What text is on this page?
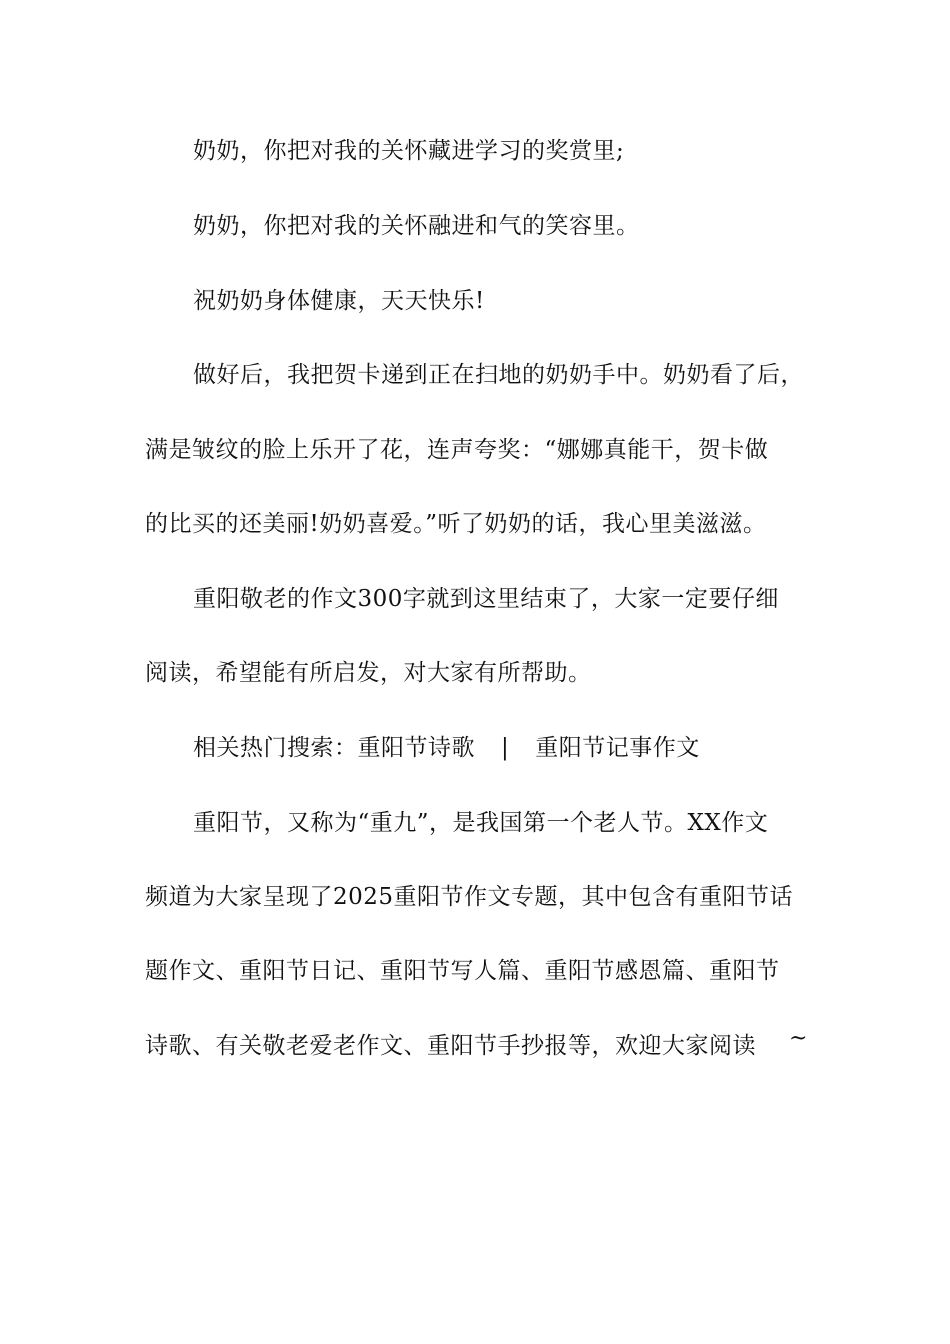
奶奶，你把对我的关怀藏进学习的奖赏里;
奶奶，你把对我的关怀融进和气的笑容里。
祝奶奶身体健康，天天快乐!
做好后，我把贺卡递到正在扫地的奶奶手中。奶奶看了后，
满是皱纹的脸上乐开了花，连声夸奖：“娜娜真能干，贺卡做
的比买的还美丽!奶奶喜爱。”听了奶奶的话，我心里美滋滋。
重阳敬老的作文300字就到这里结束了，大家一定要仔细
阅读，希望能有所启发，对大家有所帮助。
相关热门搜索：重阳节诗歌 | 重阳节记事作文
重阳节，又称为“重九”，是我国第一个老人节。XX作文
频道为大家呈现了2025重阳节作文专题，其中包含有重阳节话
题作文、重阳节日记、重阳节写人篇、重阳节感恩篇、重阳节
诗歌、有关敬老爱老作文、重阳节手抄报等，欢迎大家阅读	~
